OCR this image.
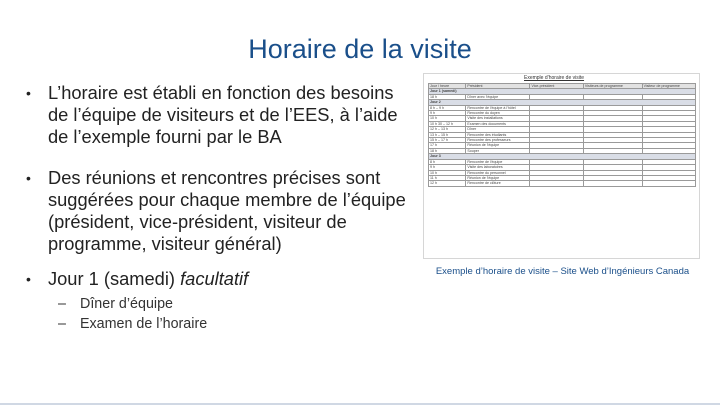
Horaire de la visite
• L’horaire est établi en fonction des besoins de l’équipe de visiteurs et de l’EES, à l’aide de l’exemple fourni par le BA
• Des réunions et rencontres précises sont suggérées pour chaque membre de l’équipe (président, vice-président, visiteur de programme, visiteur général)
• Jour 1 (samedi) facultatif
– Dîner d’équipe
– Examen de l’horaire
Exemple d’horaire de visite
Jour / heure	Président	Vice-président	Visiteurs de programme	Visiteur de programme
Jour 1 (samedi)				
18 h	Dîner avec l’équipe			
Jour 2				
8 h – 9 h	Rencontre de l’équipe à l’hôtel			
9 h	Rencontre du doyen			
10 h	Visite des installations			
10 h 30 – 12 h	Examen des documents			
12 h – 13 h	Dîner			
13 h – 15 h	Rencontre des étudiants			
15 h – 17 h	Rencontre des professeurs			
17 h	Réunion de l’équipe			
18 h	Souper			
Jour 3				
8 h	Rencontre de l’équipe			
9 h	Visite des laboratoires			
10 h	Rencontre du personnel			
11 h	Réunion de l’équipe			
12 h	Rencontre de clôture			
Exemple d’horaire de visite – Site Web d’Ingénieurs Canada
